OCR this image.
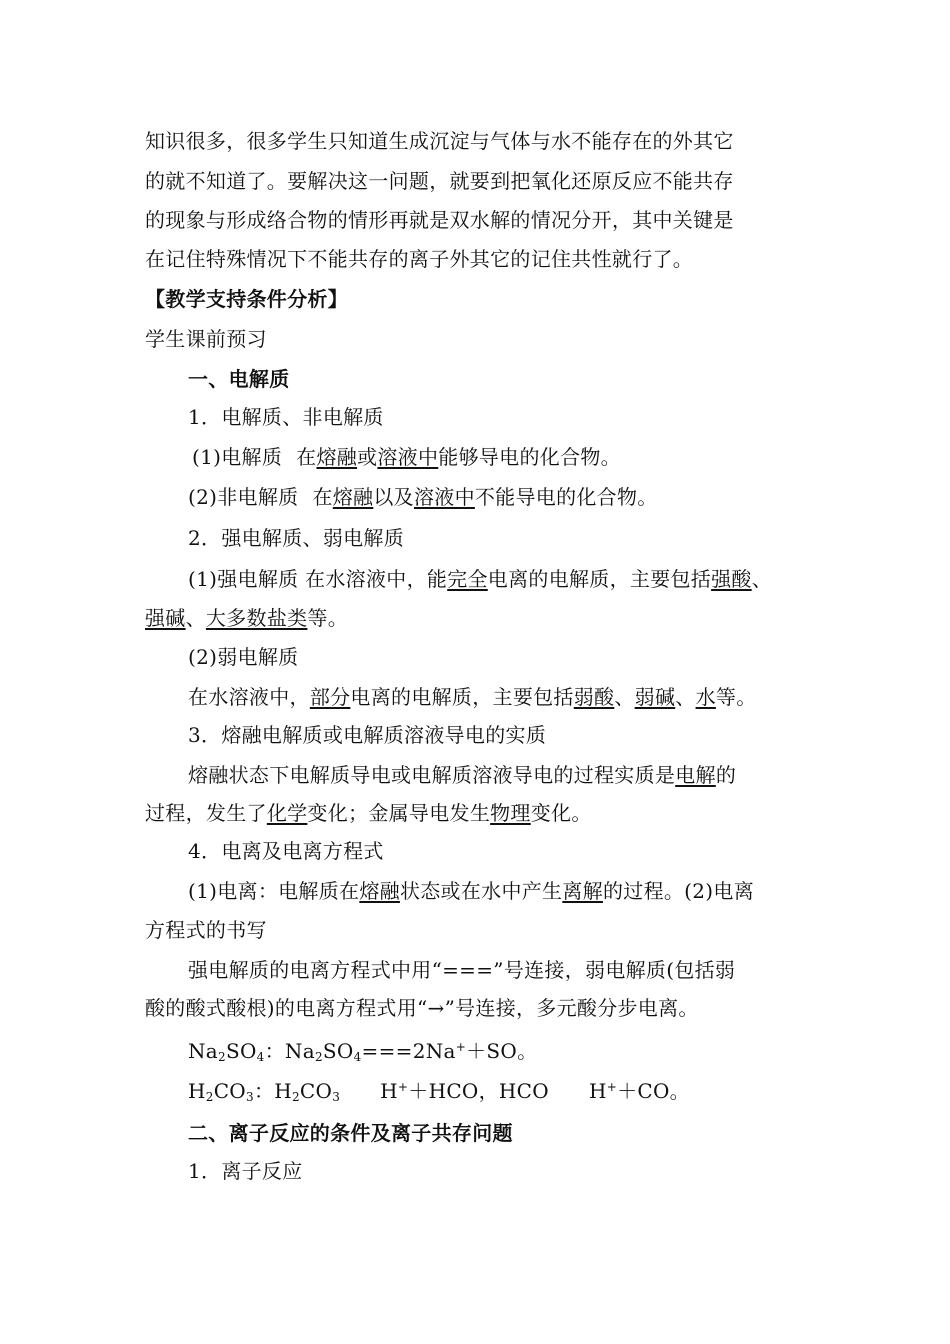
知识很多，很多学生只知道生成沉淀与气体与水不能存在的外其它
的就不知道了。要解决这一问题，就要到把氧化还原反应不能共存
的现象与形成络合物的情形再就是双水解的情况分开，其中关键是
在记住特殊情况下不能共存的离子外其它的记住共性就行了。
【教学支持条件分析】
学生课前预习
一、电解质
1．电解质、非电解质
(1)电解质 在熔融或溶液中能够导电的化合物。
(2)非电解质 在熔融以及溶液中不能导电的化合物。
2．强电解质、弱电解质
(1)强电解质 在水溶液中，能完全电离的电解质，主要包括强酸、
强碱、大多数盐类等。
(2)弱电解质
在水溶液中，部分电离的电解质，主要包括弱酸、弱碱、水等。
3．熔融电解质或电解质溶液导电的实质
熔融状态下电解质导电或电解质溶液导电的过程实质是电解的
过程，发生了化学变化；金属导电发生物理变化。
4．电离及电离方程式
(1)电离：电解质在熔融状态或在水中产生离解的过程。(2)电离
方程式的书写
强电解质的电离方程式中用“===”号连接，弱电解质(包括弱
酸的酸式酸根)的电离方程式用“→”号连接，多元酸分步电离。
$Na_2SO_4$：$Na_2SO_4===2Na^++SO$。
$H_2CO_3$：$H_2CO_3$ H+＋HCO，HCO H+＋CO。
二、离子反应的条件及离子共存问题
1．离子反应
